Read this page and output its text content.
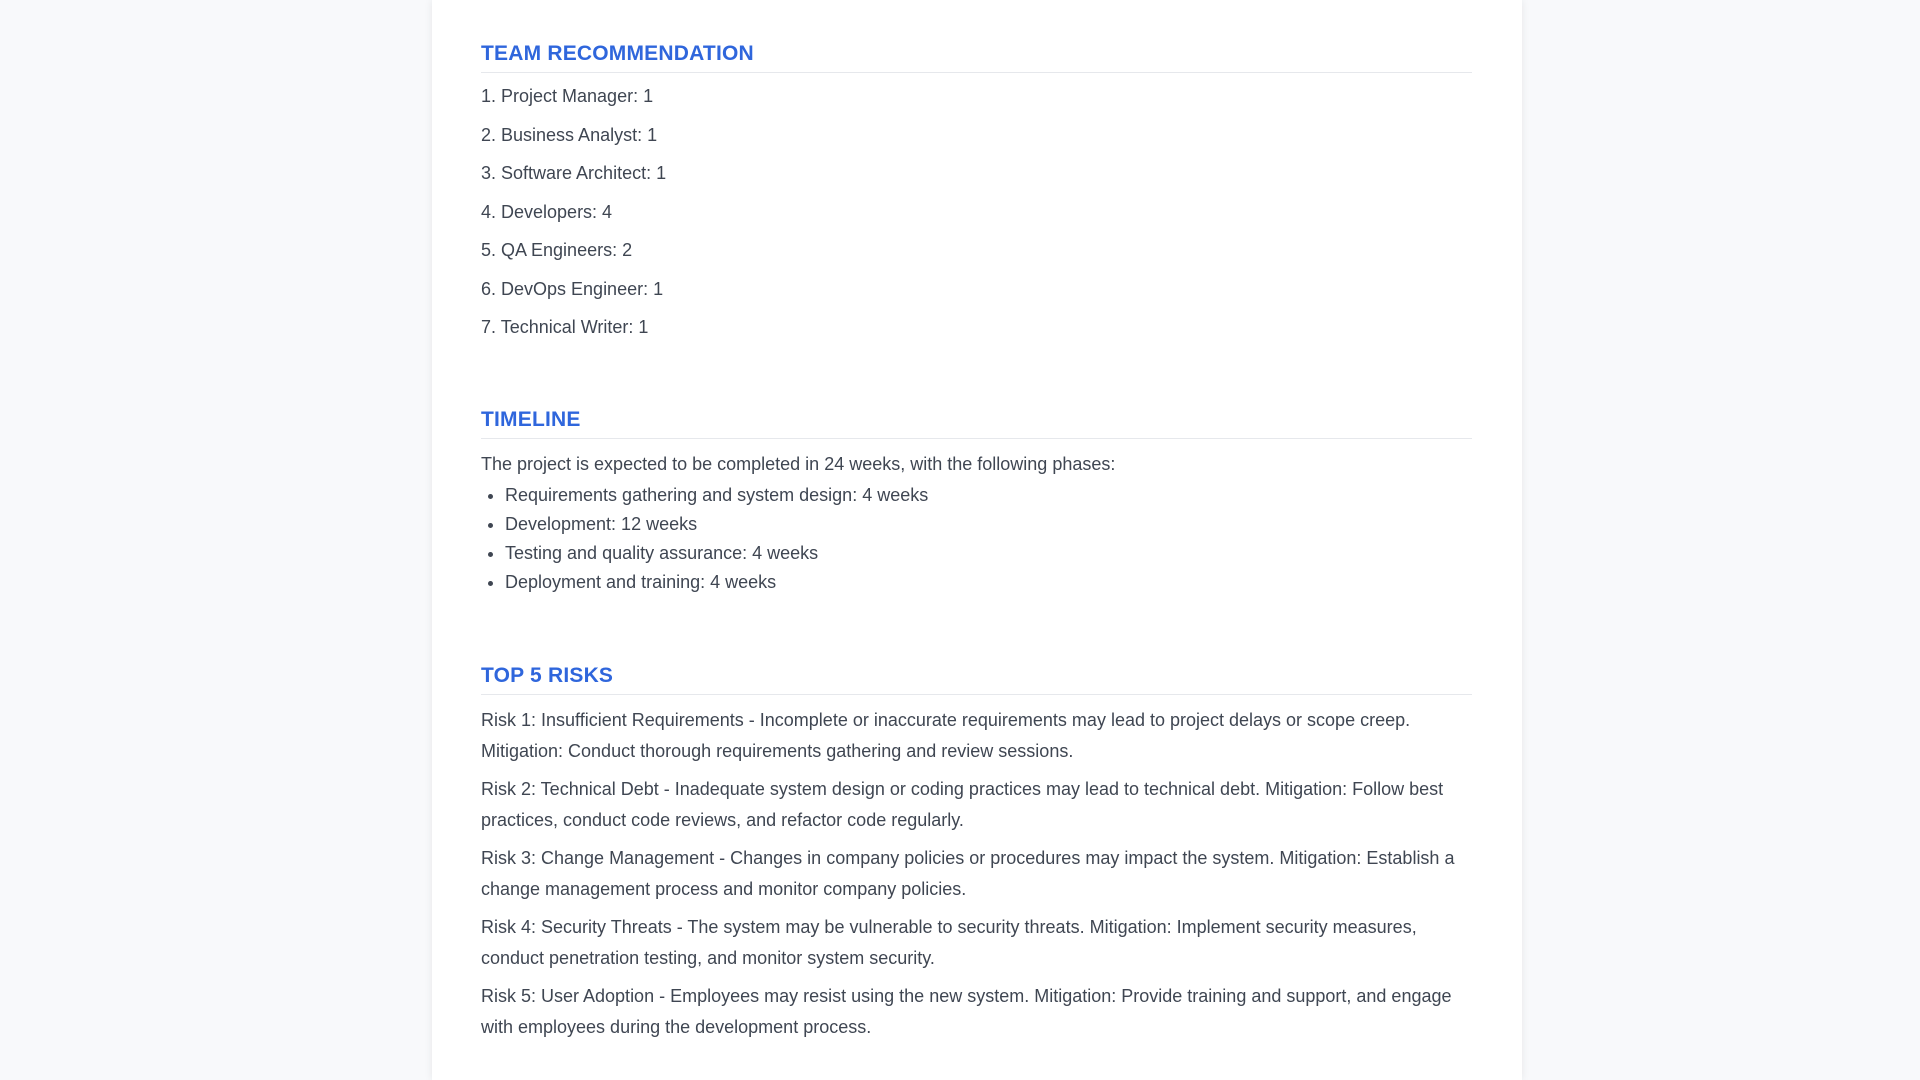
TEAM RECOMMENDATION
1. Project Manager: 1
2. Business Analyst: 1
3. Software Architect: 1
4. Developers: 4
5. QA Engineers: 2
6. DevOps Engineer: 1
7. Technical Writer: 1
TIMELINE

The project is expected to be completed in 24 weeks, with the following phases:

• Requirements gathering and system design: 4 weeks
• Development: 12 weeks
• Testing and quality assurance: 4 weeks
• Deployment and training: 4 weeks
TOP 5 RISKS

Risk 1: Insufficient Requirements - Incomplete or inaccurate requirements may lead to project delays or scope creep. Mitigation: Conduct thorough requirements gathering and review sessions.

Risk 2: Technical Debt - Inadequate system design or coding practices may lead to technical debt. Mitigation: Follow best practices, conduct code reviews, and refactor code regularly.

Risk 3: Change Management - Changes in company policies or procedures may impact the system. Mitigation: Establish a change management process and monitor company policies.

Risk 4: Security Threats - The system may be vulnerable to security threats. Mitigation: Implement security measures, conduct penetration testing, and monitor system security.

Risk 5: User Adoption - Employees may resist using the new system. Mitigation: Provide training and support, and engage with employees during the development process.
